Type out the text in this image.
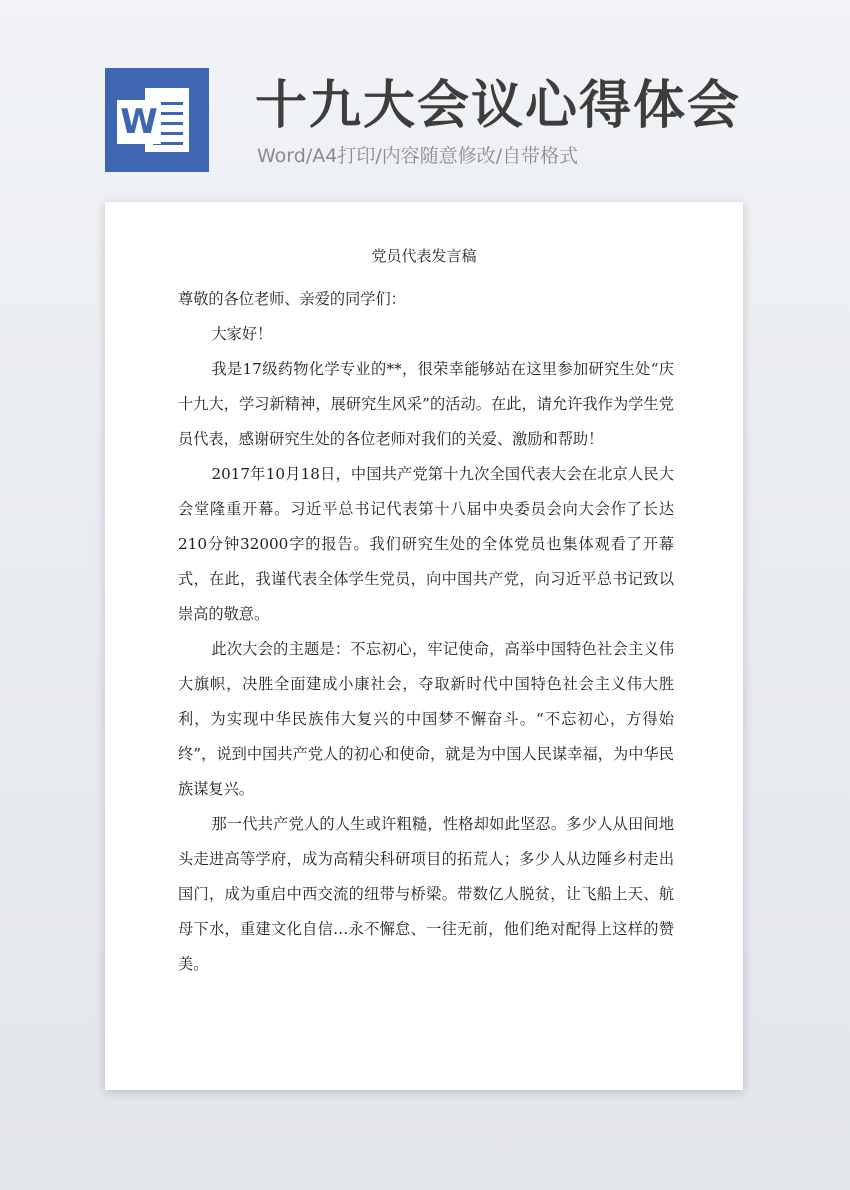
W 十九大会议心得体会
Word/A4打印/内容随意修改/自带格式
党员代表发言稿

尊敬的各位老师、亲爱的同学们：

大家好！

我是17级药物化学专业的**，很荣幸能够站在这里参加研究生处“庆十九大，学习新精神，展研究生风采”的活动。在此，请允许我作为学生党员代表，感谢研究生处的各位老师对我们的关爱、激励和帮助！

2017年10月18日，中国共产党第十九次全国代表大会在北京人民大会堂隆重开幕。习近平总书记代表第十八届中央委员会向大会作了长达210分钟32000字的报告。我们研究生处的全体党员也集体观看了开幕式，在此，我谨代表全体学生党员，向中国共产党，向习近平总书记致以崇高的敬意。

此次大会的主题是：不忘初心，牢记使命，高举中国特色社会主义伟大旗帜，决胜全面建成小康社会，夺取新时代中国特色社会主义伟大胜利，为实现中华民族伟大复兴的中国梦不懈奋斗。“不忘初心，方得始终”，说到中国共产党人的初心和使命，就是为中国人民谋幸福，为中华民族谋复兴。

那一代共产党人的人生或许粗糙，性格却如此坚忍。多少人从田间地头走进高等学府，成为高精尖科研项目的拓荒人；多少人从边陲乡村走出国门，成为重启中西交流的纽带与桥梁。带数亿人脱贫，让飞船上天、航母下水，重建文化自信…永不懈怠、一往无前，他们绝对配得上这样的赞美。
